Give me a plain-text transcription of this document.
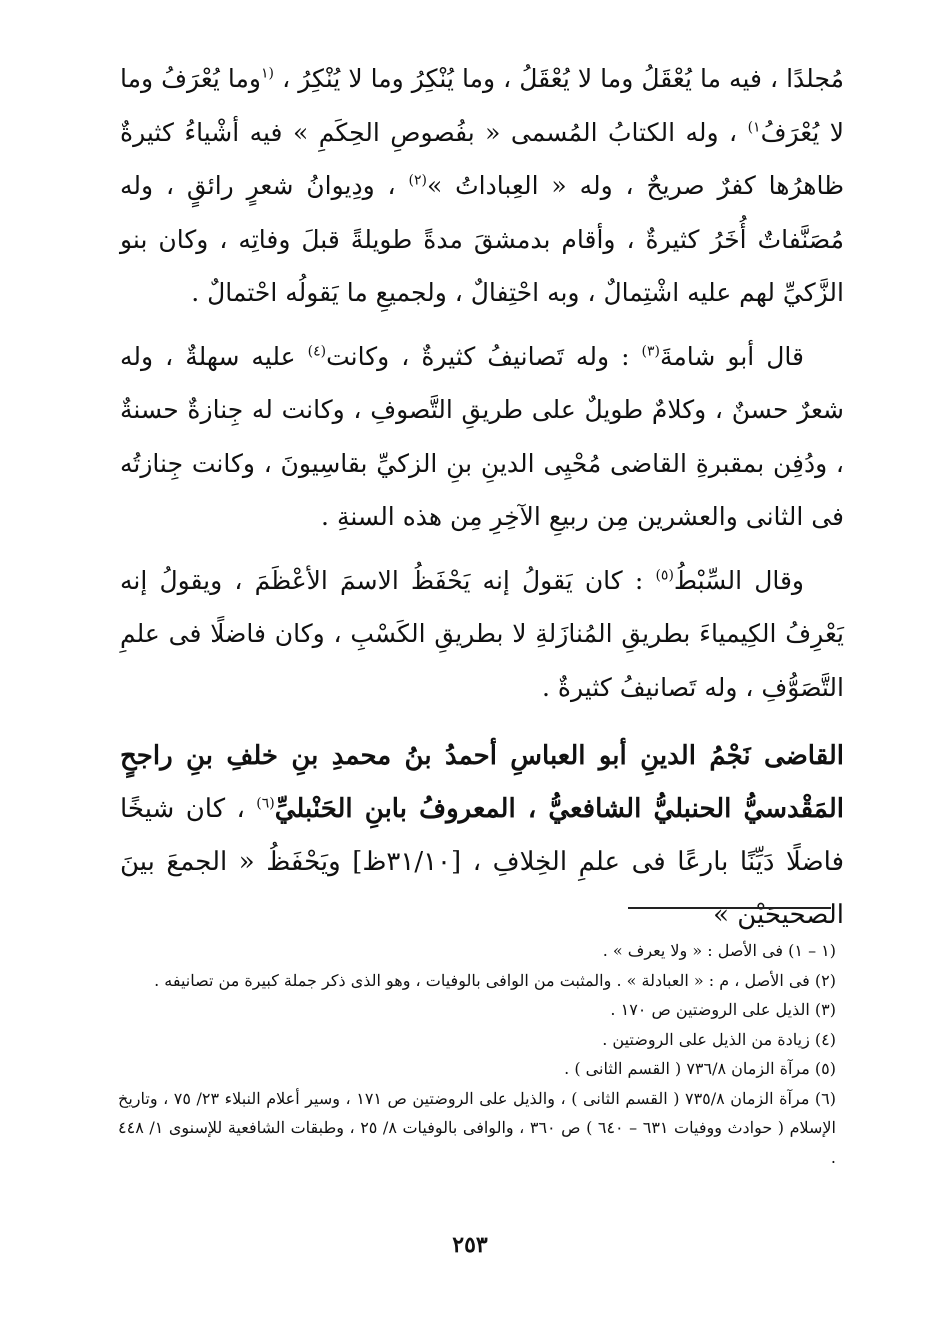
مُجلدًا ، فيه ما يُعْقَلُ وما لا يُعْقَلُ ، وما يُنْكِرُ وما لا يُنْكِرُ ، $^{(١}$وما يُعْرَفُ وما لا يُعْرَفُ$^{١)}$ ، وله الكتابُ المُسمى « بفُصوصِ الحِكَمِ » فيه أشْياءُ كثيرةٌ ظاهرُها كفرٌ صريحٌ ، وله « العِباداتُ »$^{(٢)}$ ، ودِيوانُ شعرٍ رائقٍ ، وله مُصَنَّفاتٌ أُخَرُ كثيرةٌ ، وأقام بدمشقَ مدةً طويلةً قبلَ وفاتِه ، وكان بنو الزَّكيِّ لهم عليه اشْتِمالٌ ، وبه احْتِفالٌ ، ولجميعِ ما يَقولُه احْتمالٌ .

قال أبو شامةَ$^{(٣)}$ : وله تَصانيفُ كثيرةٌ ، وكانت$^{(٤)}$ عليه سهلةٌ ، وله شعرٌ حسنٌ ، وكلامٌ طويلٌ على طريقِ التَّصوفِ ، وكانت له جِنازةٌ حسنةٌ ، ودُفِن بمقبرةِ القاضى مُحْيِى الدينِ بنِ الزكيِّ بقاسِيونَ ، وكانت جِنازتُه فى الثانى والعشرين مِن ربيعِ الآخِرِ مِن هذه السنةِ .

وقال السِّبْطُ$^{(٥)}$ : كان يَقولُ إنه يَحْفَظُ الاسمَ الأعْظَمَ ، ويقولُ إنه يَعْرِفُ الكِيمياءَ بطريقِ المُنازَلةِ لا بطريقِ الكَسْبِ ، وكان فاضلًا فى علمِ التَّصَوُّفِ ، وله تَصانيفُ كثيرةٌ .

القاضى نَجْمُ الدينِ أبو العباسِ أحمدُ بنُ محمدِ بنِ خلفِ بنِ راجحٍ المَقْدسيُّ الحنبليُّ الشافعيُّ ، المعروفُ بابنِ الحَنْبليِّ$^{(٦)}$ ، كان شيخًا فاضلًا دَيِّنًا بارعًا فى علمِ الخِلافِ ، [٣١/١٠ظ] ويَحْفَظُ « الجمعَ بينَ الصحيحَيْن »

(١ – ١) فى الأصل : « ولا يعرف » .

(٢) فى الأصل ، م : « العبادلة » . والمثبت من الوافى بالوفيات ، وهو الذى ذكر جملة كبيرة من تصانيفه .

(٣) الذيل على الروضتين ص ١٧٠ .

(٤) زيادة من الذيل على الروضتين .

(٥) مرآة الزمان ٧٣٦/٨ ( القسم الثانى ) .

(٦) مرآة الزمان ٧٣٥/٨ ( القسم الثانى ) ، والذيل على الروضتين ص ١٧١ ، وسير أعلام النبلاء ٢٣/ ٧٥ ، وتاريخ الإسلام ( حوادث ووفيات ٦٣١ – ٦٤٠ ) ص ٣٦٠ ، والوافى بالوفيات ٨/ ٢٥ ، وطبقات الشافعية للإسنوى ١/ ٤٤٨ .

٢٥٣
